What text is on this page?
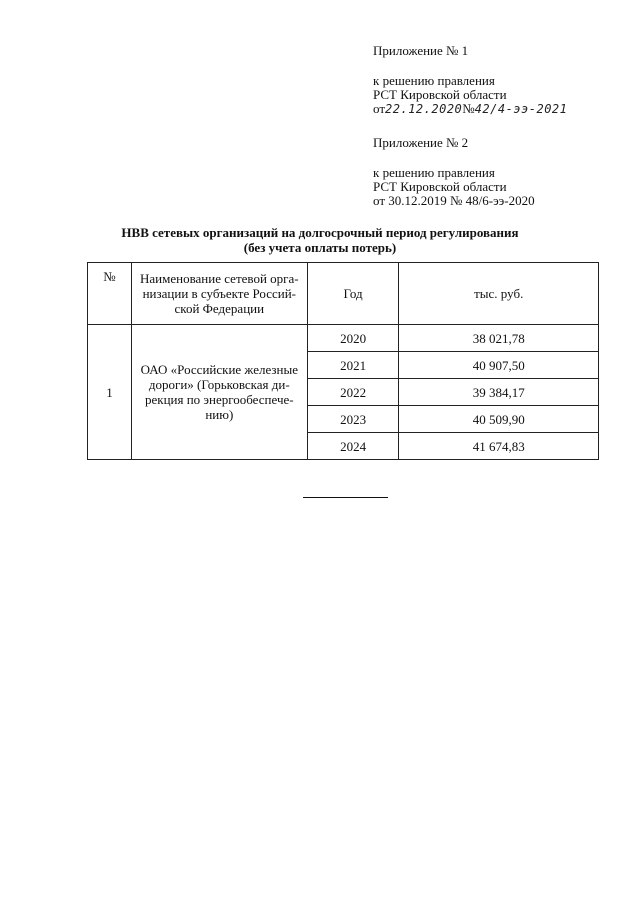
Приложение № 1
к решению правления
РСТ Кировской области
от22.12.2020№42/4-ээ-2021
Приложение № 2
к решению правления
РСТ Кировской области
от 30.12.2019 № 48/6-ээ-2020
НВВ сетевых организаций на долгосрочный период регулирования
(без учета оплаты потерь)
№	Наименование сетевой орга-
низации в субъекте Россий-
ской Федерации	Год	тыс. руб.
1	ОАО «Российские железные
дороги» (Горьковская ди-
рекция по энергообеспече-
нию)	2020	38 021,78
		2021	40 907,50
		2022	39 384,17
		2023	40 509,90
		2024	41 674,83
